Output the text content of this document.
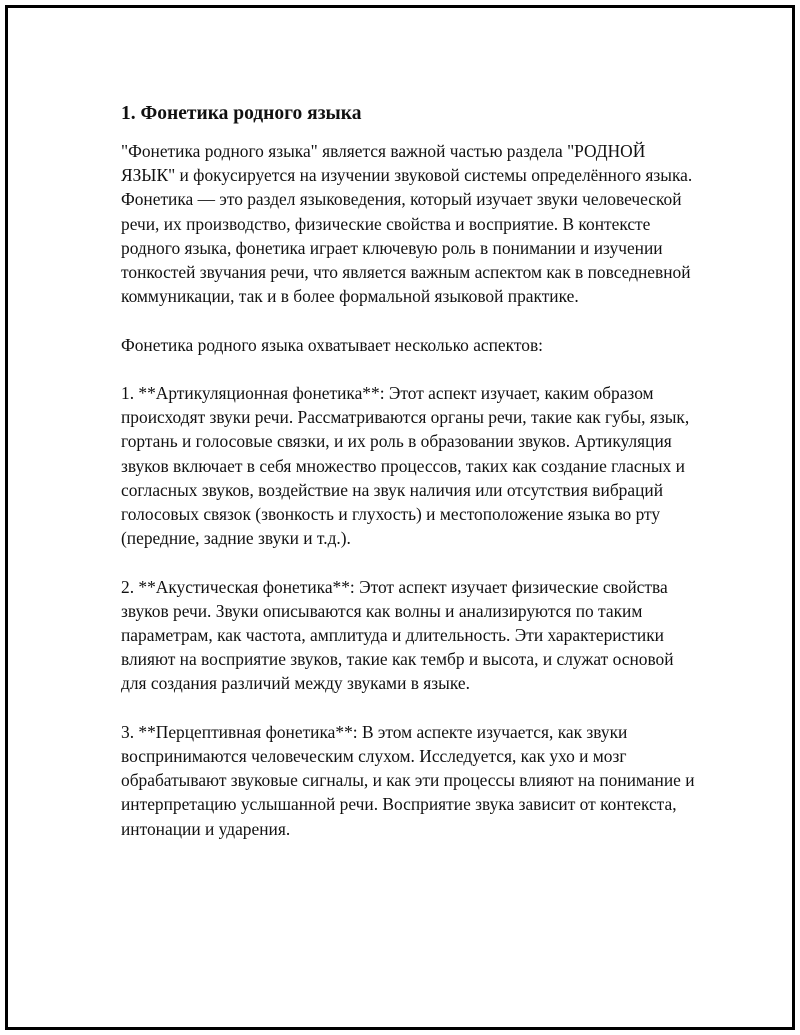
1. Фонетика родного языка

"Фонетика родного языка" является важной частью раздела "РОДНОЙ ЯЗЫК" и фокусируется на изучении звуковой системы определённого языка. Фонетика — это раздел языковедения, который изучает звуки человеческой речи, их производство, физические свойства и восприятие. В контексте родного языка, фонетика играет ключевую роль в понимании и изучении тонкостей звучания речи, что является важным аспектом как в повседневной коммуникации, так и в более формальной языковой практике.

Фонетика родного языка охватывает несколько аспектов:

1. **Артикуляционная фонетика**: Этот аспект изучает, каким образом происходят звуки речи. Рассматриваются органы речи, такие как губы, язык, гортань и голосовые связки, и их роль в образовании звуков. Артикуляция звуков включает в себя множество процессов, таких как создание гласных и согласных звуков, воздействие на звук наличия или отсутствия вибраций голосовых связок (звонкость и глухость) и местоположение языка во рту (передние, задние звуки и т.д.).

2. **Акустическая фонетика**: Этот аспект изучает физические свойства звуков речи. Звуки описываются как волны и анализируются по таким параметрам, как частота, амплитуда и длительность. Эти характеристики влияют на восприятие звуков, такие как тембр и высота, и служат основой для создания различий между звуками в языке.

3. **Перцептивная фонетика**: В этом аспекте изучается, как звуки воспринимаются человеческим слухом. Исследуется, как ухо и мозг обрабатывают звуковые сигналы, и как эти процессы влияют на понимание и интерпретацию услышанной речи. Восприятие звука зависит от контекста, интонации и ударения.
